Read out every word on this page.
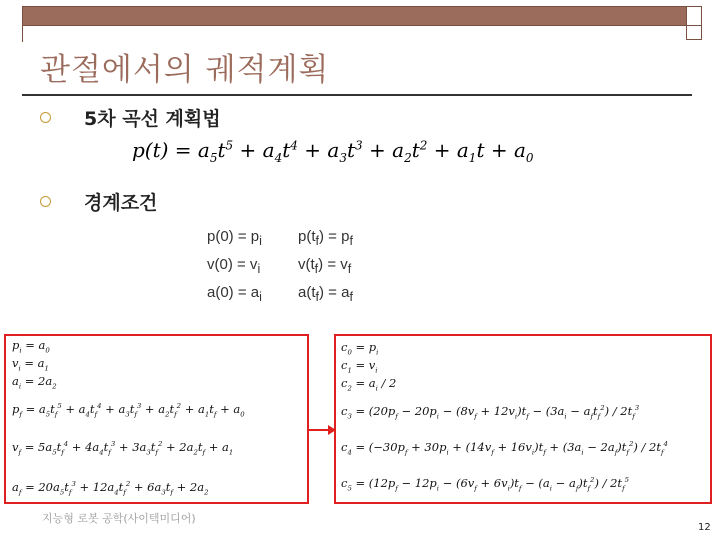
관절에서의 궤적계획
5차 곡선 계획법
$p(t) = a_5t^5 + a_4t^4 + a_3t^3 + a_2t^2 + a_1t + a_0$
경계조건
$p(0) = p_i$ $p(t_f) = p_f$
$v(0) = v_i$	$v(t_f) = v_f$
$a(0) = a_i$ $a(t_f) = a_f$
$p_i = a_0$
$v_i = a_1$
$a_i = 2a_2$
$p_f = a_5t_f^5 + a_4t_f^4 + a_3t_f^3 + a_2t_f^2 + a_1t_f + a_0$
$v_f = 5a_5t_f^4 + 4a_4t_f^3 + 3a_3t_f^2 + 2a_2t_f + a_1$
$a_f = 20a_5t_f^3 + 12a_4t_f^2 + 6a_3t_f + 2a_2$
$c_0 = p_i$
$c_1 = v_i$
$c_2 = a_i / 2$
$c_3 = (20p_f - 20p_i - (8v_f + 12v_i)t_f - (3a_i - a_ft_f^2) / 2t_f^3$
$c_4 = (-30p_f + 30p_i + (14v_f + 16v_i)t_f + (3a_i - 2a_f)t_f^2) / 2t_f^4$
$c_5 = (12p_f - 12p_i - (6v_f + 6v_i)t_f - (a_i - a_f)t_f^2) / 2t_f^5$
지능형 로봇 공학(사이텍미디어)
12
